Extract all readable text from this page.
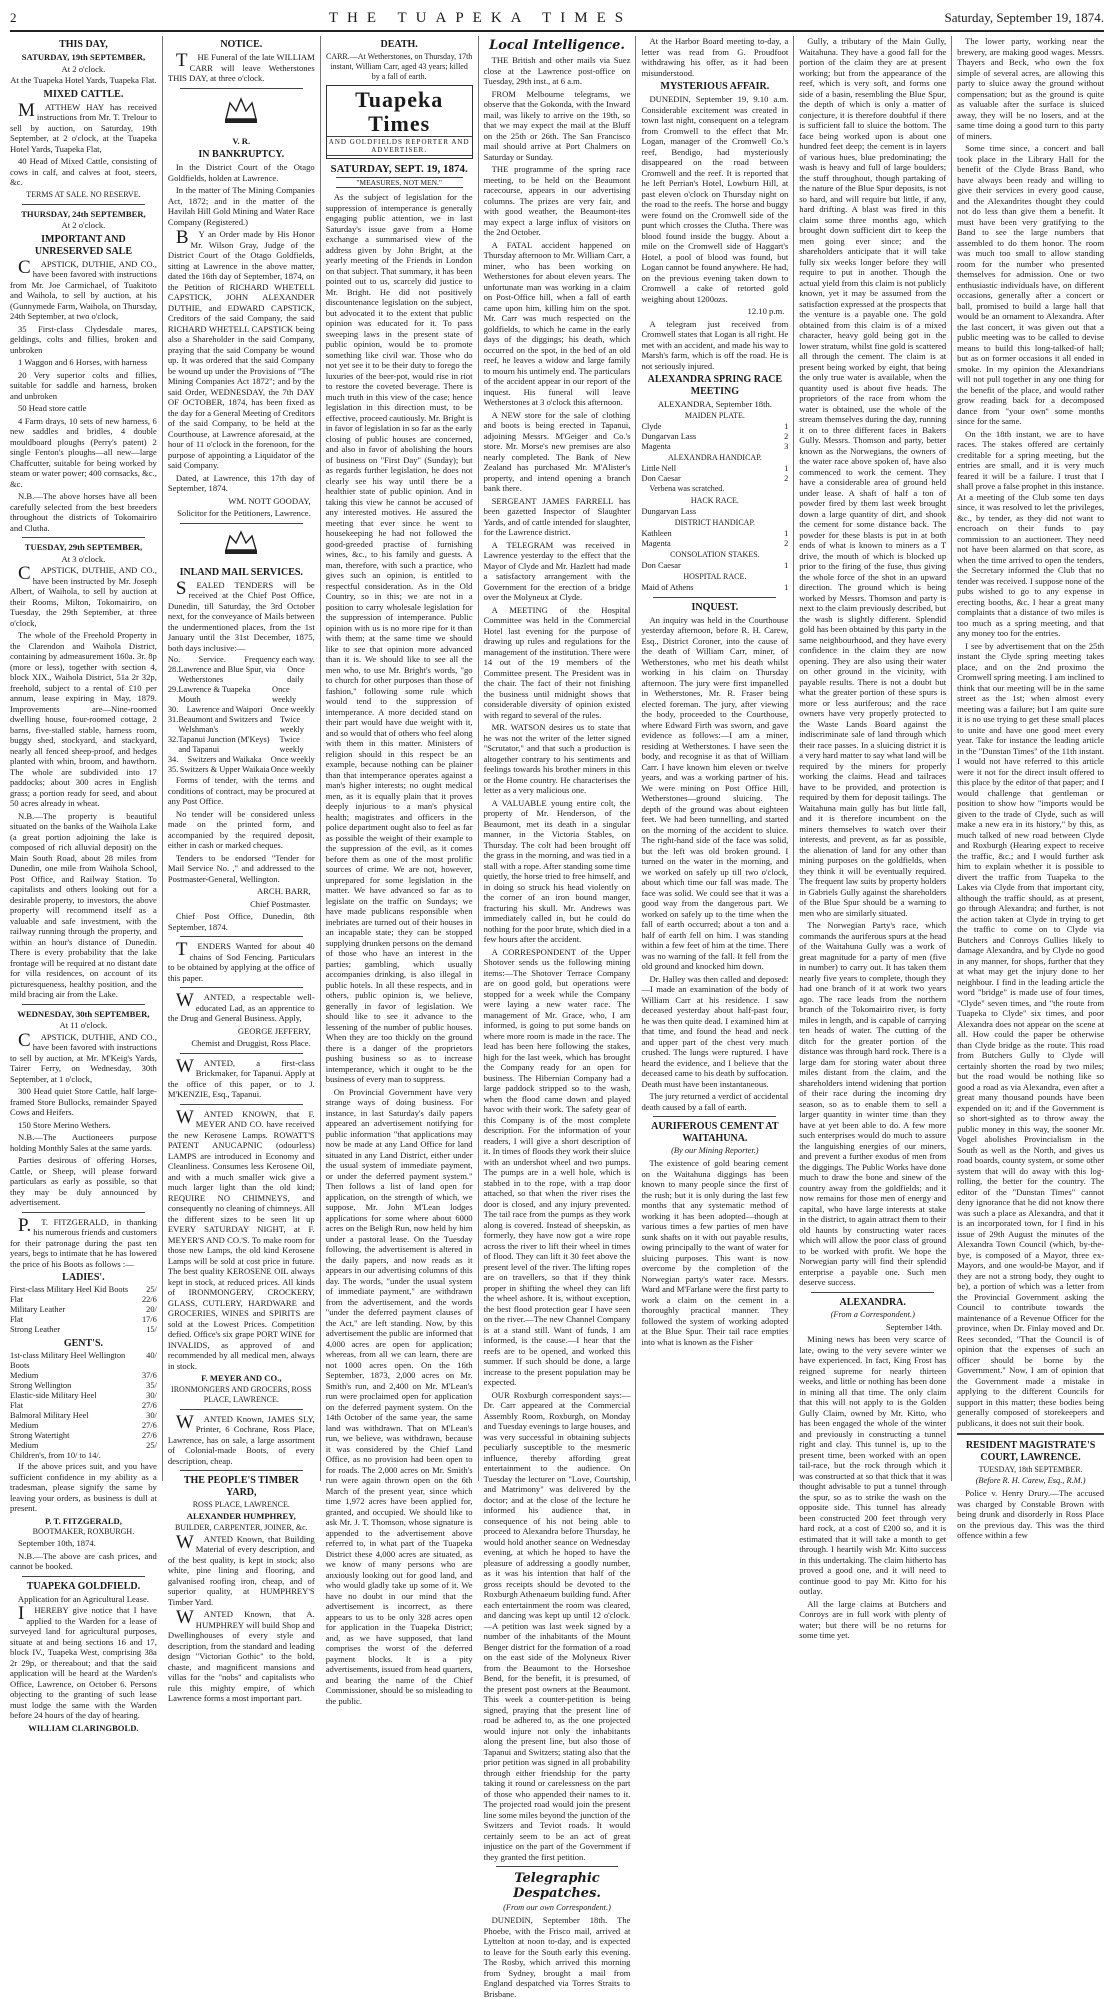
2	THE TUAPEKA TIMES	Saturday, September 19, 1874.
THIS DAY,

SATURDAY, 19th SEPTEMBER,

At 2 o'clock.

At the Tuapeka Hotel Yards, Tuapeka Flat.

MIXED CATTLE.

MATTHEW HAY has received instructions from Mr. T. Trelour to sell by auction, on Saturday, 19th September, at 2 o'clock, at the Tuapeka Hotel Yards, Tuapeka Flat,

40 Head of Mixed Cattle, consisting of cows in calf, and calves at foot, steers, &c.

TERMS AT SALE. NO RESERVE.

THURSDAY, 24th SEPTEMBER,

At 2 o'clock.

IMPORTANT AND UNRESERVED SALE

CAPSTICK, DUTHIE, AND CO., have been favored with instructions from Mr. Joe Carmichael, of Tuakitoto and Waihola, to sell by auction, at his (Gunnymede Farm, Waihola, on Thursday, 24th September, at two o'clock,

35 First-class Clydesdale mares, geldings, colts and fillies, broken and unbroken

1 Waggon and 6 Horses, with harness

20 Very superior colts and fillies, suitable for saddle and harness, broken and unbroken

50 Head store cattle

4 Farm drays, 10 sets of new harness, 6 new saddles and bridles, 4 double mouldboard ploughs (Perry's patent) 2 single Fenton's ploughs—all new—large Chaffcutter, suitable for being worked by steam or water power; 400 cornsacks, &c., &c.

N.B.—The above horses have all been carefully selected from the best breeders throughout the districts of Tokomairiro and Clutha.

TUESDAY, 29th SEPTEMBER,

At 3 o'clock.

CAPSTICK, DUTHIE, AND CO., have been instructed by Mr. Joseph Albert, of Waihola, to sell by auction at their Rooms, Milton, Tokomairiro, on Tuesday, the 29th September, at three o'clock,

The whole of the Freehold Property in the Clarendon and Waihola District, containing by admeasurement 160a. 3r. 8p (more or less), together with section 4, block XIX., Waihola District, 51a 2r 32p, freehold, subject to a rental of £10 per annum, lease expiring in May, 1879. Improvements are—Nine-roomed dwelling house, four-roomed cottage, 2 barns, five-stalled stable, harness room, buggy shed, stockyard, and stackyard, nearly all fenced sheep-proof, and hedges planted with whin, broom, and hawthorn. The whole are subdivided into 17 paddocks; about 300 acres in English grass; a portion ready for seed, and about 50 acres already in wheat.

N.B.—The property is beautiful situated on the banks of the Waihola Lake (a great portion adjoining the lake is composed of rich alluvial deposit) on the Main South Road, about 28 miles from Dunedin, one mile from Waihola School, Post Office, and Railway Station. To capitalists and others looking out for a desirable property, to investors, the above property will recommend itself as a valuable and safe investment, with the railway running through the property, and within an hour's distance of Dunedin. There is every probability that the lake frontage will be required at no distant date for villa residences, on account of its picturesqueness, healthy position, and the mild bracing air from the Lake.

WEDNESDAY, 30th SEPTEMBER,

At 11 o'clock.

CAPSTICK, DUTHIE, AND CO., have been favored with instructions to sell by auction, at Mr. M'Keig's Yards, Tairer Ferry, on Wednesday, 30th September, at 1 o'clock,

300 Head quiet Store Cattle, half large-framed Store Bullocks, remainder Spayed Cows and Heifers.

150 Store Merino Wethers.

N.B.—The Auctioneers purpose holding Monthly Sales at the same yards.

Parties desirous of offering Horses, Cattle, or Sheep, will please forward particulars as early as possible, so that they may be duly announced by advertisement.

P.T. FITZGERALD, in thanking his numerous friends and customers for their patronage during the past ten years, begs to intimate that he has lowered the price of his Boots as follows :—

LADIES'.
First-class Military Heel Kid Boots 25/
Flat	22/6
Military Leather	20/
Flat	17/6
Strong Leather	15/
GENT'S.
1st-class Military Heel Wellington Boots
40/
Medium	37/6
Strong Wellington	35/
Elastic-side Military Heel	30/
Flat	27/6
Balmoral Military Heel	30/
Medium	27/6
Strong Watertight	27/6
Medium	25/
Children's, from 10/ to 14/.

If the above prices suit, and you have sufficient confidence in my ability as a tradesman, please signify the same by leaving your orders, as business is dull at present.

P. T. FITZGERALD,

BOOTMAKER, ROXBURGH.

September 10th, 1874.

N.B.—The above are cash prices, and cannot be booked.

TUAPEKA GOLDFIELD.

Application for an Agricultural Lease.

IHEREBY give notice that I have applied to the Warden for a lease of surveyed land for agricultural purposes, situate at and being sections 16 and 17, block IV., Tuapeka West, comprising 38a 2r 29p, or thereabout; and that the said application will be heard at the Warden's Office, Lawrence, on October 6. Persons objecting to the granting of such lease must lodge the same with the Warden before 24 hours of the day of hearing.

WILLIAM CLARINGBOLD.

NOTICE.

THE Funeral of the late WILLIAM CARR will leave Wetherstones THIS DAY, at three o'clock.

V. R.

IN BANKRUPTCY.

In the District Court of the Otago Goldfields, holden at Lawrence.

In the matter of The Mining Companies Act, 1872; and in the matter of the Havilah Hill Gold Mining and Water Race Company (Registered.)

BY an Order made by His Honor Mr. Wilson Gray, Judge of the District Court of the Otago Goldfields, sitting at Lawrence in the above matter, dated the 16th day of September, 1874, on the Petition of RICHARD WHETELL CAPSTICK, JOHN ALEXANDER DUTHIE, and EDWARD CAPSTICK, Creditors of the said Company, the said RICHARD WHETELL CAPSTICK being also a Shareholder in the said Company, praying that the said Company be wound up. It was ordered that the said Company be wound up under the Provisions of "The Mining Companies Act 1872"; and by the said Order, WEDNESDAY, the 7th DAY OF OCTOBER, 1874, has been fixed as the day for a General Meeting of Creditors of the said Company, to be held at the Courthouse, at Lawrence aforesaid, at the hour of 11 o'clock in the forenoon, for the purpose of appointing a Liquidator of the said Company.

Dated, at Lawrence, this 17th day of September, 1874.

WM. NOTT GOODAY,

Solicitor for the Petitioners, Lawrence.

INLAND MAIL SERVICES.

SEALED TENDERS will be received at the Chief Post Office, Dunedin, till Saturday, the 3rd October next, for the conveyance of Mails between the undermentioned places, from the 1st January until the 31st December, 1875, both days inclusive:—

No. Service. Frequency each way.
28. Lawrence and Blue Spur, via Wetherstones
Once daily
29. Lawrence & Tuapeka Mouth
Once weekly
30. Lawrence and Waipori Once weekly
31. Beaumont and Switzers and Welshman's
Twice weekly
32. Tapanui Junction (M'Keys) and Tapanui
Twice weekly
34. Switzers and Waikaka Once weekly
35. Switzers & Upper Waikaia Once weekly

Forms of tender, with the terms and conditions of contract, may be procured at any Post Office.

No tender will be considered unless made on the printed form, and accompanied by the required deposit, either in cash or marked cheques.

Tenders to be endorsed "Tender for Mail Service No. ," and addressed to the Postmaster-General, Wellington.

ARCH. BARR,

Chief Postmaster.

Chief Post Office, Dunedin, 8th September, 1874.

TENDERS Wanted for about 40 chains of Sod Fencing. Particulars to be obtained by applying at the office of this paper.

WANTED, a respectable well-educated Lad, as an apprentice to the Drug and General Business. Apply,

GEORGE JEFFERY,

Chemist and Druggist, Ross Place.

WANTED, a first-class Brickmaker, for Tapanui. Apply at the office of this paper, or to J. M'KENZIE, Esq., Tapanui.

WANTED KNOWN, that F. MEYER AND CO. have received the new Kerosene Lamps. ROWATT'S PATENT ANUCAPNIC (odourless) LAMPS are introduced in Economy and Cleanliness. Consumes less Kerosene Oil, and with a much smaller wick give a much larger light than the old kind; REQUIRE NO CHIMNEYS, and consequently no cleaning of chimneys. All the different sizes to be seen lit up EVERY SATURDAY NIGHT, at F. MEYER'S AND CO.'S. To make room for those new Lamps, the old kind Kerosene Lamps will be sold at cost price in future. The best quality KEROSENE OIL always kept in stock, at reduced prices. All kinds of IRONMONGERY, CROCKERY, GLASS, CUTLERY, HARDWARE and GROCERIES, WINES and SPIRITS are sold at the Lowest Prices. Competition defied. Office's six grape PORT WINE for INVALIDS, as approved of and recommended by all medical men, always in stock.

F. MEYER AND CO.,

IRONMONGERS AND GROCERS, ROSS PLACE, LAWRENCE.

WANTED Known, JAMES SLY, Printer, 6 Cochrane, Ross Place, Lawrence, has on sale, a large assortment of Colonial-made Boots, of every description, cheap.

THE PEOPLE'S TIMBER YARD,

ROSS PLACE, LAWRENCE.

ALEXANDER HUMPHREY,

BUILDER, CARPENTER, JOINER, &c.

WANTED Known, that Building Material of every description, and of the best quality, is kept in stock; also white, pine lining and flooring, and galvanised roofing iron, cheap, and of superior quality, at HUMPHREY'S Timber Yard.

WANTED Known, that A. HUMPHREY will build Shop and Dwellinghouses of every style and description, from the standard and leading design "Victorian Gothic" to the bold, chaste, and magnificent mansions and villas for the "nobs" and capitalists who rule this mighty empire, of which Lawrence forms a most important part.

DEATH.

CARR.—At Wetherstones, on Thursday, 17th instant, William Carr, aged 43 years; killed by a fall of earth.

Tuapeka Times
AND GOLDFIELDS REPORTER AND ADVERTISER.
SATURDAY, SEPT. 19, 1874.
"MEASURES, NOT MEN."

As the subject of legislation for the suppression of intemperance is generally engaging public attention, we in last Saturday's issue gave from a Home exchange a summarised view of the address given by John Bright, at the yearly meeting of the Friends in London on that subject. That summary, it has been pointed out to us, scarcely did justice to Mr. Bright. He did not positively discountenance legislation on the subject, but advocated it to the extent that public opinion was educated for it. To pass sweeping laws in the present state of public opinion, would be to promote something like civil war. Those who do not yet see it to be their duty to forego the luxuries of the beer-pot, would rise in riot to restore the coveted beverage. There is much truth in this view of the case; hence legislation in this direction must, to be effective, proceed cautiously. Mr. Bright is in favor of legislation in so far as the early closing of public houses are concerned, and also in favor of abolishing the hours of business on "First Day" (Sunday); but as regards further legislation, he does not clearly see his way until there be a healthier state of public opinion. And in taking this view he cannot be accused of any interested motives. He assured the meeting that ever since he went to housekeeping he had not followed the good-greeded practise of furnishing wines, &c., to his family and guests. A man, therefore, with such a practice, who gives such an opinion, is entitled to respectful consideration. As in the Old Country, so in this; we are not in a position to carry wholesale legislation for the suppression of intemperance. Public opinion with us is no more ripe for it than with them; at the same time we should like to see that opinion more advanced than it is. We should like to see all the men who, to use Mr. Bright's words, "go to church for other purposes than those of fashion," following some rule which would tend to the suppression of intemperance. A more decided stand on their part would have due weight with it, and so would that of others who feel along with them in this matter. Ministers of religion should in this respect be an example, because nothing can be plainer than that intemperance operates against a man's higher interests; no ought medical men, as it is equally plain that it proves deeply injurious to a man's physical health; magistrates and officers in the police department ought also to feel as far as possible the weight of their example to the suppression of the evil, as it comes before them as one of the most prolific sources of crime. We are not, however, unprepared for some legislation in the matter. We have advanced so far as to legislate on the traffic on Sundays; we have made publicans responsible when inebriates are turned out of their houses in an incapable state; they can be stopped supplying drunken persons on the demand of those who have an interest in the parties; gambling, which usually accompanies drinking, is also illegal in public hotels. In all these respects, and in others, public opinion is, we believe, generally in favor of legislation. We should like to see it advance to the lessening of the number of public houses. When they are too thickly on the ground there is a danger of the proprietors pushing business so as to increase intemperance, which it ought to be the business of every man to suppress.

On Provincial Government have very strange ways of doing business. For instance, in last Saturday's daily papers appeared an advertisement notifying for public information "that applications may now be made at any Land Office for land situated in any Land District, either under the usual system of immediate payment, or under the deferred payment system." Then follows a list of land open for application, on the strength of which, we suppose, Mr. John M'Lean lodges applications for some where about 6000 acres on the Beligh Run, now held by him under a pastoral lease. On the Tuesday following, the advertisement is altered in the daily papers, and now reads as it appears in our advertising columns of this day. The words, "under the usual system of immediate payment," are withdrawn from the advertisement, and the words "under the deferred payment clauses of the Act," are left standing. Now, by this advertisement the public are informed that 4,000 acres are open for application; whereas, from all we can learn, there are not 1000 acres open. On the 16th September, 1873, 2,000 acres on Mr. Smith's run, and 2,400 on Mr. M'Lean's run were proclaimed open for application on the deferred payment system. On the 14th October of the same year, the same land was withdrawn. That on M'Lean's run, we believe, was withdrawn, because it was considered by the Chief Land Office, as no provision had been open to for roads. The 2,000 acres on Mr. Smith's run were again thrown open on the 6th March of the present year, since which time 1,972 acres have been applied for, granted, and occupied. We should like to ask Mr. J. T. Thomson, whose signature is appended to the advertisement above referred to, in what part of the Tuapeka District these 4,000 acres are situated, as we know of many persons who are anxiously looking out for good land, and who would gladly take up some of it. We have no doubt in our mind that the advertisement is incorrect, as there appears to us to be only 328 acres open for application in the Tuapeka District; and, as we have supposed, that land comprises the worst of the deferred payment blocks. It is a pity advertisements, issued from head quarters, and bearing the name of the Chief Commissioner, should be so misleading to the public.

Local Intelligence.

THE British and other mails via Suez close at the Lawrence post-office on Tuesday, 29th inst., at 6 a.m.

FROM Melbourne telegrams, we observe that the Gokonda, with the Inward mail, was likely to arrive on the 19th, so that we may expect the mail at the Bluff on the 25th or 26th. The San Francisco mail should arrive at Port Chalmers on Saturday or Sunday.

THE programme of the spring race meeting, to be held on the Beaumont racecourse, appears in our advertising columns. The prizes are very fair, and with good weather, the Beaumont-ites may expect a large influx of visitors on the 2nd October.

A FATAL accident happened on Thursday afternoon to Mr. William Carr, a miner, who has been working on Wetherstones for about eleven years. The unfortunate man was working in a claim on Post-Office hill, when a fall of earth came upon him, killing him on the spot. Mr. Carr was much respected on the goldfields, to which he came in the early days of the diggings; his death, which occurred on the spot, in the bed of an old reef, he leaves a widow and large family to mourn his untimely end. The particulars of the accident appear in our report of the inquest. His funeral will leave Wetherstones at 3 o'clock this afternoon.

A NEW store for the sale of clothing and boots is being erected in Tapanui, adjoining Messrs. M'Geiger and Co.'s store. Mr. Morse's new premises are also nearly completed. The Bank of New Zealand has purchased Mr. M'Alister's property, and intend opening a branch bank there.

SERGEANT JAMES FARRELL has been gazetted Inspector of Slaughter Yards, and of cattle intended for slaughter, for the Lawrence district.

A TELEGRAM was received in Lawrence yesterday to the effect that the Mayor of Clyde and Mr. Hazlett had made a satisfactory arrangement with the Government for the erection of a bridge over the Molyneux at Clyde.

A MEETING of the Hospital Committee was held in the Commercial Hotel last evening for the purpose of drawing up rules and regulations for the management of the institution. There were 14 out of the 19 members of the Committee present. The President was in the chair. The fact of their not finishing the business until midnight shows that considerable diversity of opinion existed with regard to several of the rules.

MR. WATSON desires us to state that he was not the writer of the letter signed "Scrutator," and that such a production is altogether contrary to his sentiments and feelings towards his brother miners in this or the Home country. He characterises the letter as a very malicious one.

A VALUABLE young entire colt, the property of Mr. Henderson, of the Beaumont, met its death in a singular manner, in the Victoria Stables, on Thursday. The colt had been brought off the grass in the morning, and was tied in a stall with a rope. After standing some time quietly, the horse tried to free himself, and in doing so struck his head violently on the corner of an iron bound manger, fracturing his skull. Mr. Andrews was immediately called in, but he could do nothing for the poor brute, which died in a few hours after the accident.

A CORRESPONDENT of the Upper Shotover sends us the following mining items:—The Shotover Terrace Company are on good gold, but operations were stopped for a week while the Company were laying a new water race. The management of Mr. Grace, who, I am informed, is going to put some bands on where more room is made in the race. The lead has been here following the stakes, high for the last week, which has brought the Company ready for an open for business. The Hibernian Company had a large paddock stripped so to the wash, when the flood came down and played havoc with their work. The safety gear of this Company is of the most complete description. For the information of your readers, I will give a short description of it. In times of floods they work their sluice with an undershot wheel and two pumps. The pumps are in a well hole, which is stabbed in to the rope, with a trap door attached, so that when the river rises the door is closed, and any injury prevented. The tail race from the pumps as they work along is covered. Instead of sheepskin, as formerly, they have now got a wire rope across the river to lift their wheel in times of flood. They can lift it 30 feet above the present level of the river. The lifting ropes are on travellers, so that if they think proper in shifting the wheel they can lift the wheel ashore. It is, without exception, the best flood protection gear I have seen on the river.—The new Channel Company is at a stand still. Want of funds, I am informed, is the cause.—I hear that the reefs are to be opened, and worked this summer. If such should be done, a large increase to the present population may be expected.

OUR Roxburgh correspondent says:—Dr. Carr appeared at the Commercial Assembly Room, Roxburgh, on Monday and Tuesday evenings to large houses, and was very successful in obtaining subjects peculiarly susceptible to the mesmeric influence, thereby affording great entertainment to the audience. On Tuesday the lecturer on "Love, Courtship, and Matrimony" was delivered by the doctor; and at the close of the lecture he informed his audience that, in consequence of his not being able to proceed to Alexandra before Thursday, he would hold another seance on Wednesday evening, at which he hoped to have the pleasure of addressing a goodly number, as it was his intention that half of the gross receipts should be devoted to the Roxburgh Athenaeum building fund. After each entertainment the room was cleared, and dancing was kept up until 12 o'clock.—A petition was last week signed by a number of the inhabitants of the Mount Benger district for the formation of a road on the east side of the Molyneux River from the Beaumont to the Horseshoe Bend, for the benefit, it is presumed, of the present post owners at the Beaumont. This week a counter-petition is being signed, praying that the present line of road be adhered to, as the one projected would injure not only the inhabitants along the present line, but also those of Tapanui and Switzers; stating also that the prior petition was signed in all probability through either friendship for the party taking it round or carelessness on the part of those who appended their names to it. The projected road would join the present line some miles beyond the junction of the Switzers and Teviot roads. It would certainly seem to be an act of great injustice on the part of the Government if they granted the first petition.

Telegraphic Despatches.

(From our own Correspondent.)

DUNEDIN, September 18th. The Phoebe, with the Frisco mail, arrived at Lyttelton at noon to-day, and is expected to leave for the South early this evening. The Rosby, which arrived this morning from Sydney, brought a mail from England despatched via Torres Straits to Brisbane.

At the Harbor Board meeting to-day, a letter was read from G. Proudfoot withdrawing his offer, as it had been misunderstood.

MYSTERIOUS AFFAIR.

DUNEDIN, September 19, 9.10 a.m. Considerable excitement was created in town last night, consequent on a telegram from Cromwell to the effect that Mr. Logan, manager of the Cromwell Co.'s reef, Bendigo, had mysteriously disappeared on the road between Cromwell and the reef. It is reported that he left Perrian's Hotel, Lowburn Hill, at past eleven o'clock on Thursday night on the road to the reefs. The horse and buggy were found on the Cromwell side of the punt which crosses the Clutha. There was blood found inside the buggy. About a mile on the Cromwell side of Haggart's Hotel, a pool of blood was found, but Logan cannot be found anywhere. He had, on the previous evening taken down to Cromwell a cake of retorted gold weighing about 1200ozs.

12.10 p.m.

A telegram just received from Cromwell states that Logan is all right. He met with an accident, and made his way to Marsh's farm, which is off the road. He is not seriously injured.

ALEXANDRA SPRING RACE MEETING

ALEXANDRA, September 18th.

MAIDEN PLATE.

Clyde	1
Dungarvan Lass	2
Magenta	3

ALEXANDRA HANDICAP.

Little Nell	1
Don Caesar	2

Verbena was scratched.

HACK RACE.

Dungarvan Lass

DISTRICT HANDICAP.

Kathleen	1
Magenta	2

CONSOLATION STAKES.

Don Caesar	1

HOSPITAL RACE.

Maid of Athens	1
INQUEST.

An inquiry was held in the Courthouse yesterday afternoon, before R. H. Carew, Esq., District Coroner, into the cause of the death of William Carr, miner, of Wetherstones, who met his death whilst working in his claim on Thursday afternoon. The jury were first impanelled in Wetherstones, Mr. R. Fraser being elected foreman. The jury, after viewing the body, proceeded to the Courthouse, where Edward Firth was sworn, and gave evidence as follows:—I am a miner, residing at Wetherstones. I have seen the body, and recognise it as that of William Carr. I have known him eleven or twelve years, and was a working partner of his. We were mining on Post Office Hill, Wetherstones—ground sluicing. The depth of the ground was about eighteen feet. We had been tunnelling, and started on the morning of the accident to sluice. The right-hand side of the face was solid, but the left was old broken ground. I turned on the water in the morning, and we worked on safely up till two o'clock, about which time our fall was made. The face was solid. We could see that it was a good way from the dangerous part. We worked on safely up to the time when the fall of earth occurred; about a ton and a half of earth fell on him. I was standing within a few feet of him at the time. There was no warning of the fall. It fell from the old ground and knocked him down.

Dr. Halley was then called and deposed:—I made an examination of the body of William Carr at his residence. I saw deceased yesterday about half-past four, he was then quite dead. I examined him at that time, and found the head and neck and upper part of the chest very much crushed. The lungs were ruptured. I have heard the evidence, and I believe that the deceased came to his death by suffocation. Death must have been instantaneous.

The jury returned a verdict of accidental death caused by a fall of earth.

AURIFEROUS CEMENT AT WAITAHUNA.

(By our Mining Reporter.)

The existence of gold bearing cement on the Waitahuna diggings has been known to many people since the first of the rush; but it is only during the last few months that any systematic method of working it has been adopted—though at various times a few parties of men have sunk shafts on it with out payable results, owing principally to the want of water for sluicing purposes. This want is now overcome by the completion of the Norwegian party's water race. Messrs. Ward and M'Farlane were the first party to work a claim on the cement in a thoroughly practical manner. They followed the system of working adopted at the Blue Spur. Their tail race empties into what is known as the Fisher

Gully, a tributary of the Main Gully, Waitahuna. They have a good fall for the portion of the claim they are at present working; but from the appearance of the reef, which is very soft, and forms one side of a basin, resembling the Blue Spur, the depth of which is only a matter of conjecture, it is therefore doubtful if there is sufficient fall to sluice the bottom. The face being worked upon is about one hundred feet deep; the cement is in layers of various hues, blue predominating; the wash is heavy and full of large boulders; the stuff throughout, though partaking of the nature of the Blue Spur deposits, is not so hard, and will require but little, if any, hard drifting. A blast was fired in this claim some three months ago, which brought down sufficient dirt to keep the men going ever since; and the shareholders anticipate that it will take fully six weeks longer before they will require to put in another. Though the actual yield from this claim is not publicly known, yet it may be assumed from the satisfaction expressed at the prospects that the venture is a payable one. The gold obtained from this claim is of a mixed character, heavy gold being got in the lower stratum, whilst fine gold is scattered all through the cement. The claim is at present being worked by eight, that being the only true water is available, when the quantity used is about five heads. The proprietors of the race from whom the water is obtained, use the whole of the stream themselves during the day, running it on to three different faces in Bakers Gully. Messrs. Thomson and party, better known as the Norwegians, the owners of the water race above spoken of, have also commenced to work the cement. They have a considerable area of ground held under lease. A shaft of half a ton of powder fired by them last week brought down a large quantity of dirt, and shook the cement for some distance back. The powder for these blasts is put in at both ends of what is known to miners as a T drive, the mouth of which is blocked up prior to the firing of the fuse, thus giving the whole force of the shot in an upward direction. The ground which is being worked by Messrs. Thomson and party is next to the claim previously described, but the wash is slightly different. Splendid gold has been obtained by this party in the same neighbourhood, and they have every confidence in the claim they are now opening. They are also using their water on other ground in the vicinity, with payable results. There is not a doubt but what the greater portion of these spurs is more or less auriferous; and the race owners have very properly protected to the Waste Lands Board against the indiscriminate sale of land through which their race passes. In a sluicing district it is a very hard matter to say what land will be required by the miners for properly working the claims. Head and tailraces have to be provided, and protection is required by them for deposit tailings. The Waitahuna main gully has but little fall, and it is therefore incumbent on the miners themselves to watch over their interests, and prevent, as far as possible, the alienation of land for any other than mining purposes on the goldfields, when they think it will be eventually required. The frequent law suits by property holders in Gabriels Gully against the shareholders of the Blue Spur should be a warning to men who are similarly situated.

The Norwegian Party's race, which commands the auriferous spurs at the head of the Waitahuna Gully was a work of great magnitude for a party of men (five in number) to carry out. It has taken them nearly five years to complete, though they had one branch of it at work two years ago. The race leads from the northern branch of the Tokomairiro river, is forty miles in length, and is capable of carrying ten heads of water. The cutting of the ditch for the greater portion of the distance was through hard rock. There is a large dam for storing water about three miles distant from the claim, and the shareholders intend widening that portion of their race during the incoming dry season, so as to enable them to sell a larger quantity in winter time than they have at yet been able to do. A few more such enterprises would do much to assure the languishing energies of our miners, and prevent a further exodus of men from the diggings. The Public Works have done much to draw the bone and sinew of the country away from the goldfields; and it now remains for those men of energy and capital, who have large interests at stake in the district, to again attract them to their old haunts by constructing water races which will allow the poor class of ground to be worked with profit. We hope the Norwegian party will find their splendid enterprise a payable one. Such men deserve success.

ALEXANDRA.

(From a Correspondent.)

September 14th.

Mining news has been very scarce of late, owing to the very severe winter we have experienced. In fact, King Frost has reigned supreme for nearly thirteen weeks, and little or nothing has been done in mining all that time. The only claim that this will not apply to is the Golden Gully Claim, owned by Mr. Kitto, who has been engaged the whole of the winter and previously in constructing a tunnel right and clay. This tunnel is, up to the present time, been worked with an open tail-race, but the rock through which it was constructed at so that thick that it was thought advisable to put a tunnel through the spur, so as to strike the wash on the opposite side. This tunnel has already been constructed 200 feet through very hard rock, at a cost of £200 so, and it is estimated that it will take a month to get through. I heartily wish Mr. Kitto success in this undertaking. The claim hitherto has proved a good one, and it will need to continue good to pay Mr. Kitto for his outlay.

All the large claims at Butchers and Conroys are in full work with plenty of water; but there will be no returns for some time yet.

The lower party, working near the brewery, are making good wages. Messrs. Thayers and Beck, who own the fox simple of several acres, are allowing this party to sluice away the ground without compensation; but as the ground is quite as valuable after the surface is sluiced away, they will be no losers, and at the same time doing a good turn to this party of miners.

Some time since, a concert and ball took place in the Library Hall for the benefit of the Clyde Brass Band, who have always been ready and willing to give their services in every good cause, and the Alexandrites thought they could not do less than give them a benefit. It must have been very gratifying to the Band to see the large numbers that assembled to do them honor. The room was much too small to allow standing room for the number who presented themselves for admission. One or two enthusiastic individuals have, on different occasions, generally after a concert or ball, promised to build a large hall that would be an ornament to Alexandra. After the last concert, it was given out that a public meeting was to be called to devise means to build this long-talked-of hall; but as on former occasions it all ended in smoke. In my opinion the Alexandrians will not pull together in any one thing for the benefit of the place, and would rather grow reading back for a decomposed dance from "your own" some months since for the same.

On the 18th instant, we are to have races. The stakes offered are certainly creditable for a spring meeting, but the entries are small, and it is very much feared it will be a failure. I trust that I shall prove a false prophet in this instance. At a meeting of the Club some ten days since, it was resolved to let the privileges, &c., by tender, as they did not want to encroach on their funds to pay commission to an auctioneer. They need not have been alarmed on that score, as when the time arrived to open the tenders, the Secretary informed the Club that no tender was received. I suppose none of the pubs wished to go to any expense in erecting booths, &c. I hear a great many complaints that a distance of two miles is too much as a spring meeting, and that any money too for the entries.

I see by advertisement that on the 25th instant the Clyde spring meeting takes place, and on the 2nd proximo the Cromwell spring meeting. I am inclined to think that our meeting will be in the same street as the 1st; when almost every meeting was a failure; but I am quite sure it is no use trying to get these small places to unite and have one good meet every year. Take for instance the leading article in the "Dunstan Times" of the 11th instant. I would not have referred to this article were it not for the direct insult offered to this place by the editor of that paper; and I would challenge that gentleman or position to show how "imports would be given to the trade of Clyde, such as will make a new era in its history," by this, as much talked of new road between Clyde and Roxburgh (Hearing expect to receive the traffic, &c.; and I would further ask him to explain whether it is possible to divert the traffic from Tuapeka to the Lakes via Clyde from that important city, although the traffic should, as at present, go through Alexandra; and further, is not the action taken at Clyde in trying to get the traffic to come on to Clyde via Butchers and Conroys Gullies likely to damage Alexandra, and by Clyde no good in any manner, for shops, further that they at what may get the injury done to her neighbour. I find in the leading article the word "bridge" is made use of four times, "Clyde" seven times, and "the route from Tuapeka to Clyde" six times, and poor Alexandra does not appear on the scene at all. How could the paper be otherwise than Clyde bridge as the route. This road from Butchers Gully to Clyde will certainly shorten the road by two miles; but the road would be nothing like so good a road as via Alexandra, even after a great many thousand pounds have been expended on it; and if the Government is so short-sighted as to throw away the public money in this way, the sooner Mr. Vogel abolishes Provincialism in the South as well as the North, and gives us road boards, county system, or some other system that will do away with this log-rolling, the better for the country. The editor of the "Dunstan Times" cannot deny ignorance that he did not know there was such a place as Alexandra, and that it is an incorporated town, for I find in his issue of 29th August the minutes of the Alexandra Town Council (which, by-the-bye, is composed of a Mayor, three ex-Mayors, and one would-be Mayor, and if they are not a strong body, they ought to be), a portion of which was a letter from the Provincial Government asking the Council to contribute towards the maintenance of a Revenue Officer for the province, when Dr. Finlay moved and Dr. Rees seconded, "That the Council is of opinion that the expenses of such an officer should be borne by the Government." Now, I am of opinion that the Government made a mistake in applying to the different Councils for support in this matter; these bodies being generally composed of storekeepers and publicans, it does not suit their book.

RESIDENT MAGISTRATE'S COURT, LAWRENCE.

TUESDAY, 18th SEPTEMBER.

(Before R. H. Carew, Esq., R.M.)

Police v. Henry Drury.—The accused was charged by Constable Brown with being drunk and disorderly in Ross Place on the previous day. This was the third offence within a few
